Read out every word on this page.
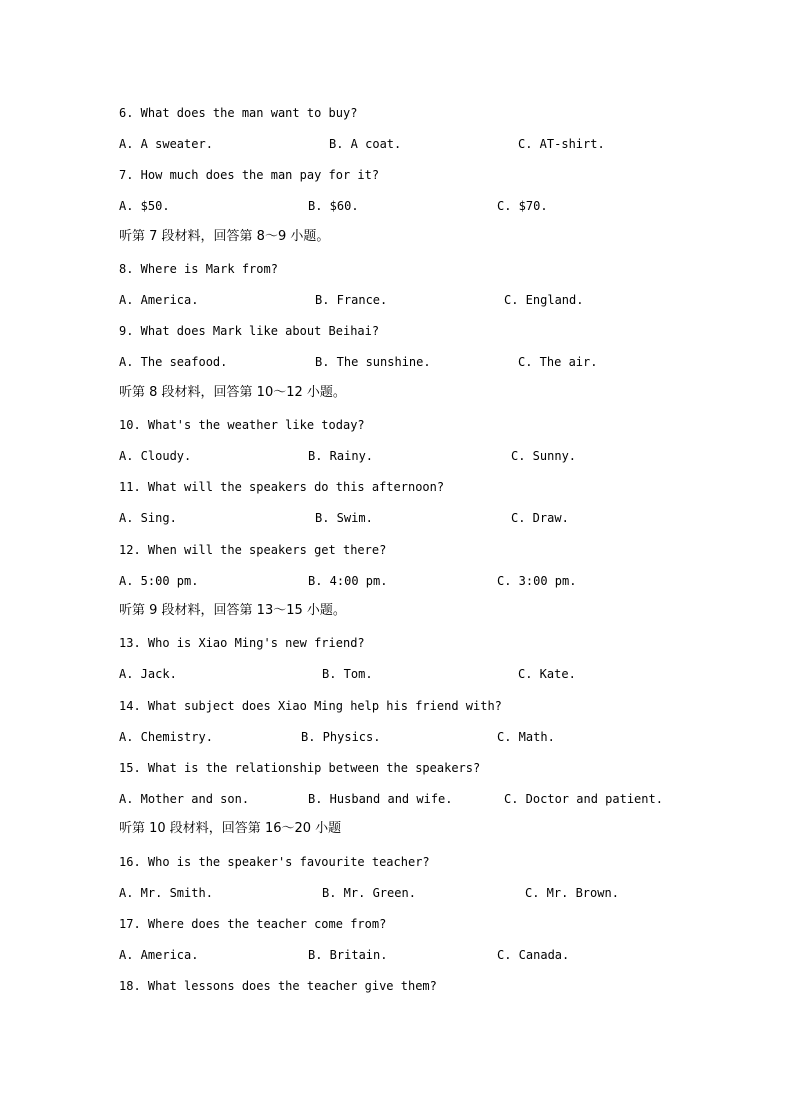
6. What does the man want to buy?
A. A sweater.	B. A coat.	C. AT-shirt.
7. How much does the man pay for it?
A. $50.	B. $60.	C. $70.
听第 7 段材料，回答第 8～9 小题。
8. Where is Mark from?
A. America.	B. France.	C. England.
9. What does Mark like about Beihai?
A. The seafood.	B. The sunshine.	C. The air.
听第 8 段材料，回答第 10～12 小题。
10. What's the weather like today?
A. Cloudy.	B. Rainy.	C. Sunny.
11. What will the speakers do this afternoon?
A. Sing.	B. Swim.	C. Draw.
12. When will the speakers get there?
A. 5:00 pm.	B. 4:00 pm.	C. 3:00 pm.
听第 9 段材料，回答第 13～15 小题。
13. Who is Xiao Ming's new friend?
A. Jack.	B. Tom.	C. Kate.
14. What subject does Xiao Ming help his friend with?
A. Chemistry.	B. Physics.	C. Math.
15. What is the relationship between the speakers?
A. Mother and son.	B. Husband and wife.	C. Doctor and patient.
听第 10 段材料，回答第 16～20 小题
16. Who is the speaker's favourite teacher?
A. Mr. Smith.	B. Mr. Green.	C. Mr. Brown.
17. Where does the teacher come from?
A. America.	B. Britain.	C. Canada.
18. What lessons does the teacher give them?
